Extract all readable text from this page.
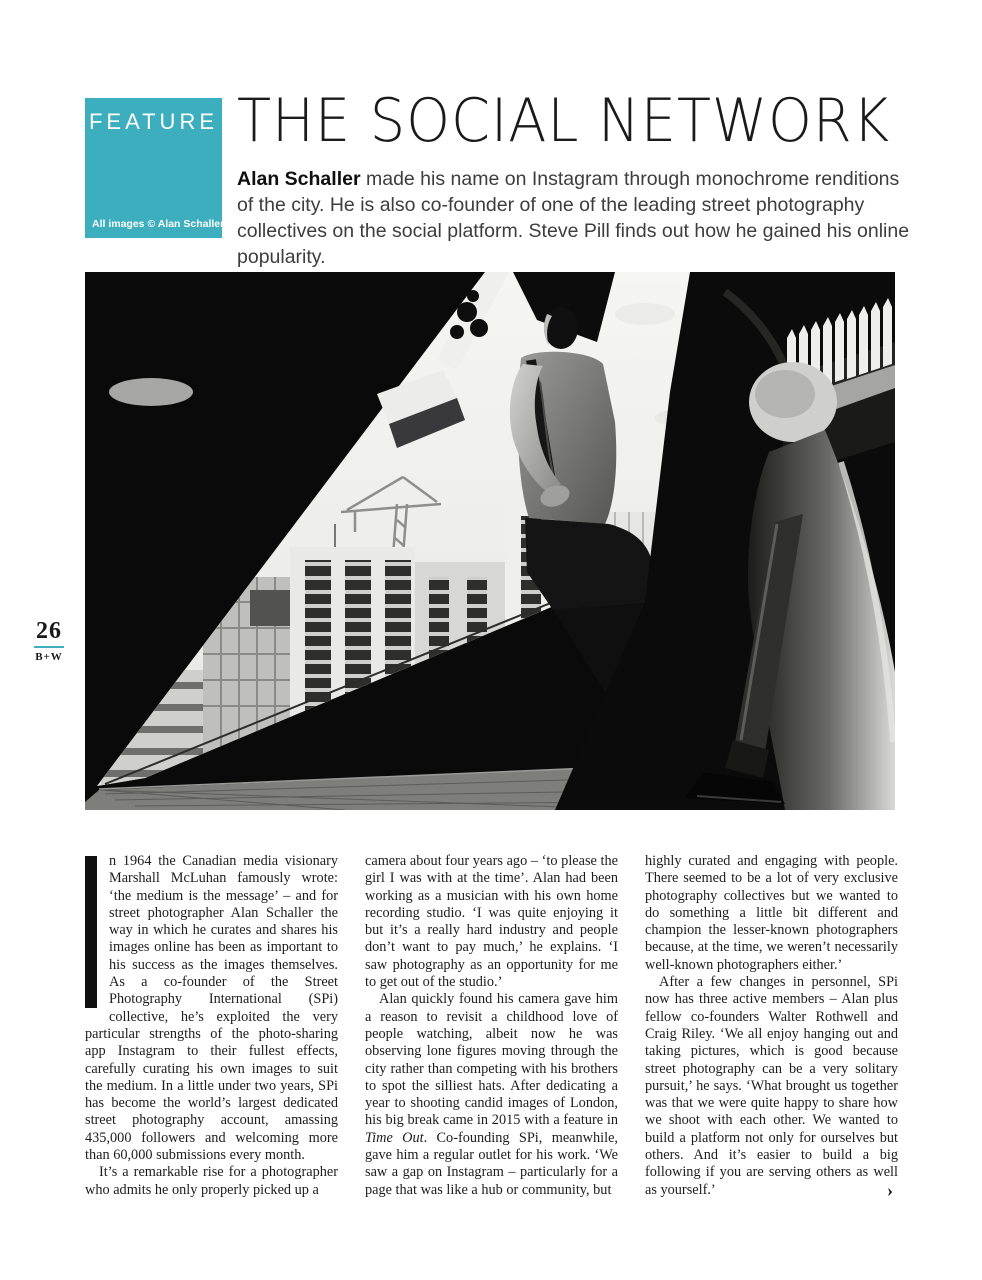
FEATURE
All images © Alan Schaller
THE SOCIAL NETWORK
Alan Schaller made his name on Instagram through monochrome renditions of the city. He is also co-founder of one of the leading street photography collectives on the social platform. Steve Pill finds out how he gained his online popularity.
26
B+W

n 1964 the Canadian media visionary Marshall McLuhan famously wrote: ‘the medium is the message’ – and for street photographer Alan Schaller the way in which he curates and shares his images online has been as important to his success as the images themselves. As a co-founder of the Street Photography International (SPi) collective, he’s exploited the very particular strengths of the photo-sharing app Instagram to their fullest effects, carefully curating his own images to suit the medium. In a little under two years, SPi has become the world’s largest dedicated street photography account, amassing 435,000 followers and welcoming more than 60,000 submissions every month.

It’s a remarkable rise for a photographer who admits he only properly picked up a

camera about four years ago – ‘to please the girl I was with at the time’. Alan had been working as a musician with his own home recording studio. ‘I was quite enjoying it but it’s a really hard industry and people don’t want to pay much,’ he explains. ‘I saw photography as an opportunity for me to get out of the studio.’

Alan quickly found his camera gave him a reason to revisit a childhood love of people watching, albeit now he was observing lone figures moving through the city rather than competing with his brothers to spot the silliest hats. After dedicating a year to shooting candid images of London, his big break came in 2015 with a feature in Time Out. Co-founding SPi, meanwhile, gave him a regular outlet for his work. ‘We saw a gap on Instagram – particularly for a page that was like a hub or community, but

highly curated and engaging with people. There seemed to be a lot of very exclusive photography collectives but we wanted to do something a little bit different and champion the lesser-known photographers because, at the time, we weren’t necessarily well-known photographers either.’

After a few changes in personnel, SPi now has three active members – Alan plus fellow co-founders Walter Rothwell and Craig Riley. ‘We all enjoy hanging out and taking pictures, which is good because street photography can be a very solitary pursuit,’ he says. ‘What brought us together was that we were quite happy to share how we shoot with each other. We wanted to build a platform not only for ourselves but others. And it’s easier to build a big following if you are serving others as well as yourself.’	›
